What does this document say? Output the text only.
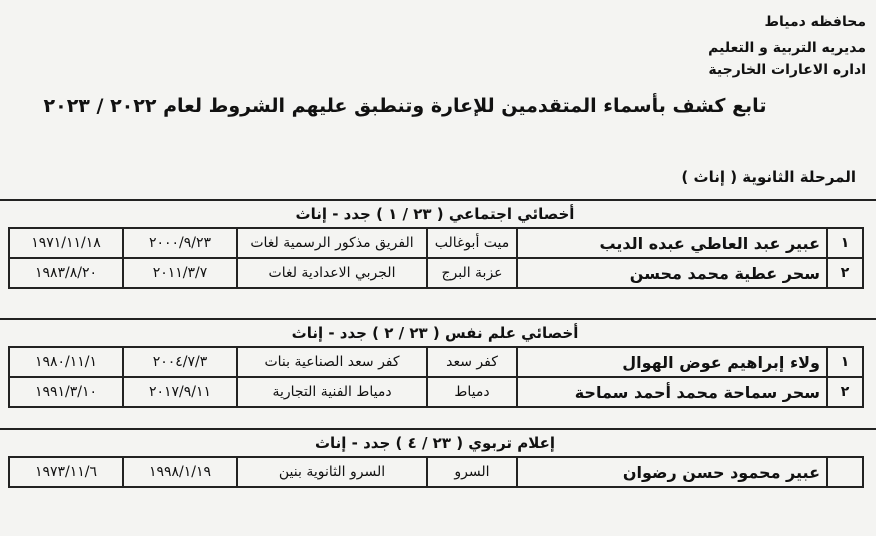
محافظه دمياط
مديريه التربية و التعليم
اداره الاعارات الخارجية
تابع كشف بأسماء المتقدمين للإعارة وتنطبق عليهم الشروط لعام ٢٠٢٢ / ٢٠٢٣
المرحلة الثانوية ( إناث )
أخصائي اجتماعي ( ٢٣ / ١ ) جدد - إناث
١	عبير عبد العاطي عبده الديب	ميت أبوغالب	الفريق مذكور الرسمية لغات	٢٠٠٠/٩/٢٣	١٩٧١/١١/١٨
٢	سحر عطية محمد محسن	عزبة البرج	الجربي الاعدادية لغات	٢٠١١/٣/٧	١٩٨٣/٨/٢٠
أخصائي علم نفس ( ٢٣ / ٢ ) جدد - إناث
١	ولاء إبراهيم عوض الهوال	كفر سعد	كفر سعد الصناعية بنات	٢٠٠٤/٧/٣	١٩٨٠/١١/١
٢	سحر سماحة محمد أحمد سماحة	دمياط	دمياط الفنية التجارية	٢٠١٧/٩/١١	١٩٩١/٣/١٠
إعلام تربوي ( ٢٣ / ٤ ) جدد - إناث
	عبير محمود حسن رضوان	السرو	السرو الثانوية بنين	١٩٩٨/١/١٩	١٩٧٣/١١/٦
